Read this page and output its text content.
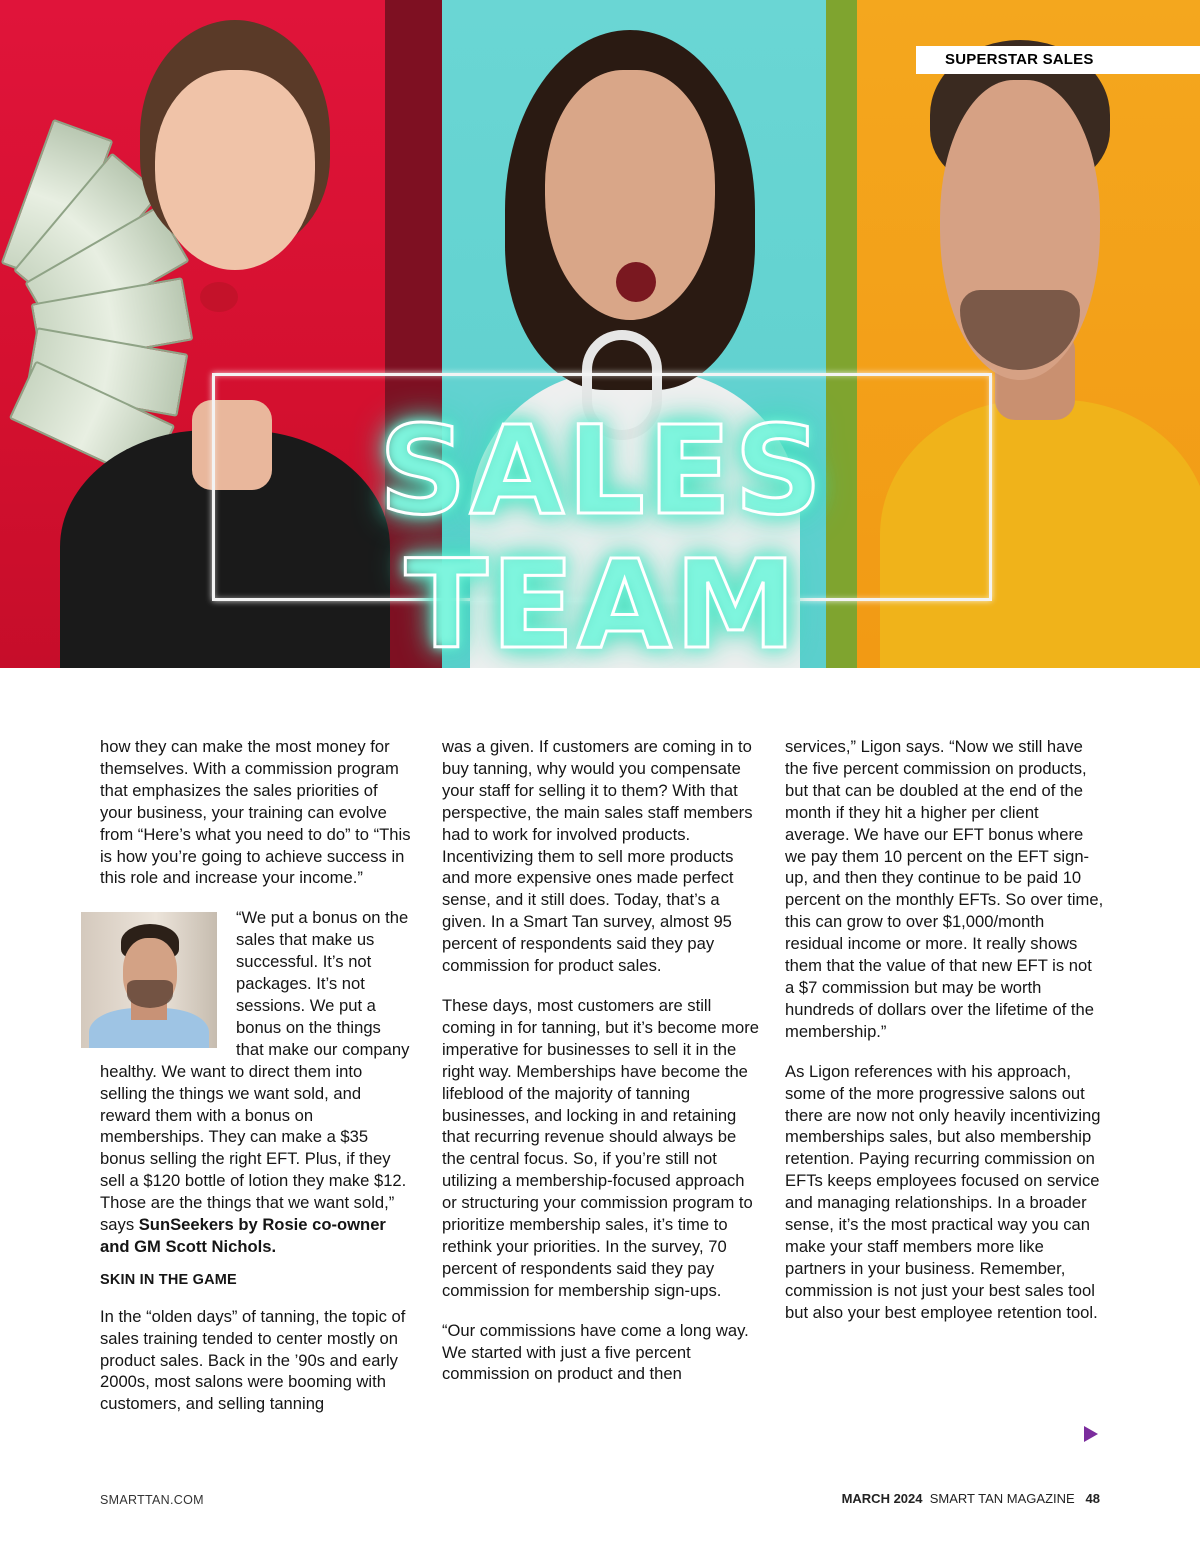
SUPERSTAR SALES
SALES TEAM

how they can make the most money for themselves. With a commission program that emphasizes the sales priorities of your business, your training can evolve from “Here’s what you need to do” to “This is how you’re going to achieve success in this role and increase your income.”

“We put a bonus on the sales that make us successful. It’s not packages. It’s not sessions. We put a bonus on the things that make our company healthy. We want to direct them into selling the things we want sold, and reward them with a bonus on memberships. They can make a $35 bonus selling the right EFT. Plus, if they sell a $120 bottle of lotion they make $12. Those are the things that we want sold,” says SunSeekers by Rosie co-owner and GM Scott Nichols.

SKIN IN THE GAME

In the “olden days” of tanning, the topic of sales training tended to center mostly on product sales. Back in the ’90s and early 2000s, most salons were booming with customers, and selling tanning

was a given. If customers are coming in to buy tanning, why would you compensate your staff for selling it to them? With that perspective, the main sales staff members had to work for involved products. Incentivizing them to sell more products and more expensive ones made perfect sense, and it still does. Today, that’s a given. In a Smart Tan survey, almost 95 percent of respondents said they pay commission for product sales.

These days, most customers are still coming in for tanning, but it’s become more imperative for businesses to sell it in the right way. Memberships have become the lifeblood of the majority of tanning businesses, and locking in and retaining that recurring revenue should always be the central focus. So, if you’re still not utilizing a membership-focused approach or structuring your commission program to prioritize membership sales, it’s time to rethink your priorities. In the survey, 70 percent of respondents said they pay commission for membership sign-ups.

“Our commissions have come a long way. We started with just a five percent commission on product and then

services,” Ligon says. “Now we still have the five percent commission on products, but that can be doubled at the end of the month if they hit a higher per client average. We have our EFT bonus where we pay them 10 percent on the EFT sign-up, and then they continue to be paid 10 percent on the monthly EFTs. So over time, this can grow to over $1,000/month residual income or more. It really shows them that the value of that new EFT is not a $7 commission but may be worth hundreds of dollars over the lifetime of the membership.”

As Ligon references with his approach, some of the more progressive salons out there are now not only heavily incentivizing memberships sales, but also membership retention. Paying recurring commission on EFTs keeps employees focused on service and managing relationships. In a broader sense, it’s the most practical way you can make your staff members more like partners in your business. Remember, commission is not just your best sales tool but also your best employee retention tool.

SMARTTAN.COM	MARCH 2024 SMART TAN MAGAZINE 48
